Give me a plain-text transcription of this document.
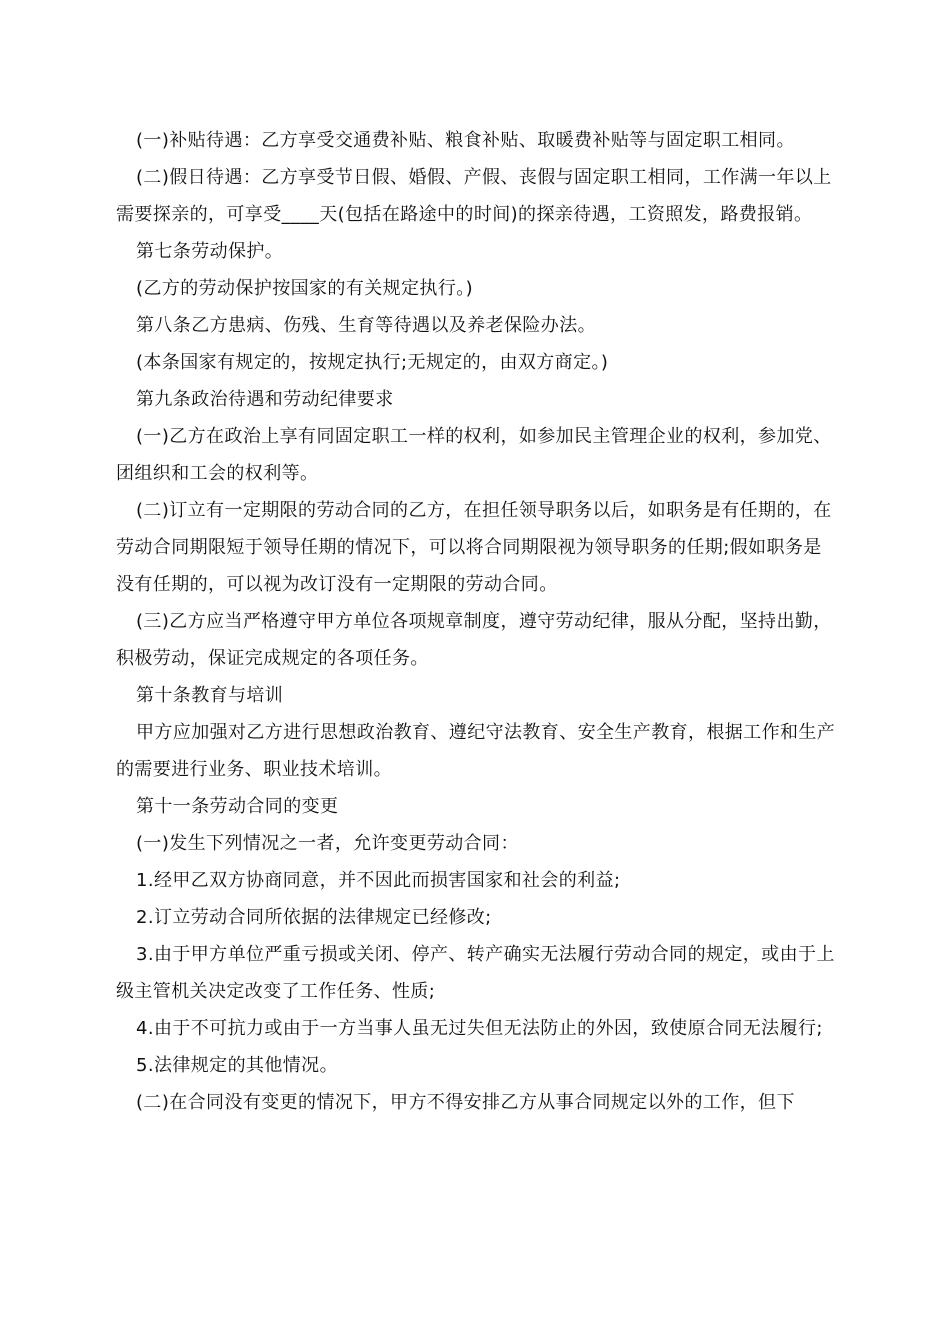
(一)补贴待遇：乙方享受交通费补贴、粮食补贴、取暖费补贴等与固定职工相同。

(二)假日待遇：乙方享受节日假、婚假、产假、丧假与固定职工相同，工作满一年以上需要探亲的，可享受____天(包括在路途中的时间)的探亲待遇，工资照发，路费报销。

第七条劳动保护。

(乙方的劳动保护按国家的有关规定执行。)

第八条乙方患病、伤残、生育等待遇以及养老保险办法。

(本条国家有规定的，按规定执行;无规定的，由双方商定。)

第九条政治待遇和劳动纪律要求

(一)乙方在政治上享有同固定职工一样的权利，如参加民主管理企业的权利，参加党、团组织和工会的权利等。

(二)订立有一定期限的劳动合同的乙方，在担任领导职务以后，如职务是有任期的，在劳动合同期限短于领导任期的情况下，可以将合同期限视为领导职务的任期;假如职务是没有任期的，可以视为改订没有一定期限的劳动合同。

(三)乙方应当严格遵守甲方单位各项规章制度，遵守劳动纪律，服从分配，坚持出勤，积极劳动，保证完成规定的各项任务。

第十条教育与培训

甲方应加强对乙方进行思想政治教育、遵纪守法教育、安全生产教育，根据工作和生产的需要进行业务、职业技术培训。

第十一条劳动合同的变更

(一)发生下列情况之一者，允许变更劳动合同：

1.经甲乙双方协商同意，并不因此而损害国家和社会的利益;

2.订立劳动合同所依据的法律规定已经修改;

3.由于甲方单位严重亏损或关闭、停产、转产确实无法履行劳动合同的规定，或由于上级主管机关决定改变了工作任务、性质;

4.由于不可抗力或由于一方当事人虽无过失但无法防止的外因，致使原合同无法履行;

5.法律规定的其他情况。

(二)在合同没有变更的情况下，甲方不得安排乙方从事合同规定以外的工作，但下
